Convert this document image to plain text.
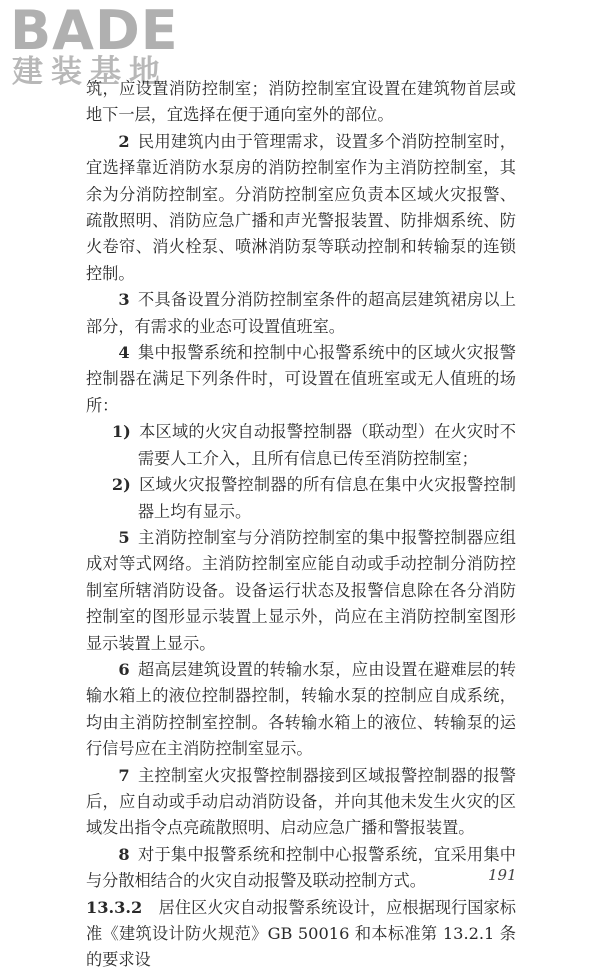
BADE
建装基地

筑，应设置消防控制室；消防控制室宜设置在建筑物首层或地下一层，宜选择在便于通向室外的部位。

2  民用建筑内由于管理需求，设置多个消防控制室时，宜选择靠近消防水泵房的消防控制室作为主消防控制室，其余为分消防控制室。分消防控制室应负责本区域火灾报警、疏散照明、消防应急广播和声光警报装置、防排烟系统、防火卷帘、消火栓泵、喷淋消防泵等联动控制和转输泵的连锁控制。

3  不具备设置分消防控制室条件的超高层建筑裙房以上部分，有需求的业态可设置值班室。

4  集中报警系统和控制中心报警系统中的区域火灾报警控制器在满足下列条件时，可设置在值班室或无人值班的场所：

1)  本区域的火灾自动报警控制器（联动型）在火灾时不需要人工介入，且所有信息已传至消防控制室；

2)  区域火灾报警控制器的所有信息在集中火灾报警控制器上均有显示。

5  主消防控制室与分消防控制室的集中报警控制器应组成对等式网络。主消防控制室应能自动或手动控制分消防控制室所辖消防设备。设备运行状态及报警信息除在各分消防控制室的图形显示装置上显示外，尚应在主消防控制室图形显示装置上显示。

6  超高层建筑设置的转输水泵，应由设置在避难层的转输水箱上的液位控制器控制，转输水泵的控制应自成系统，均由主消防控制室控制。各转输水箱上的液位、转输泵的运行信号应在主消防控制室显示。

7  主控制室火灾报警控制器接到区域报警控制器的报警后，应自动或手动启动消防设备，并向其他未发生火灾的区域发出指令点亮疏散照明、启动应急广播和警报装置。

8  对于集中报警系统和控制中心报警系统，宜采用集中与分散相结合的火灾自动报警及联动控制方式。

13.3.2  居住区火灾自动报警系统设计，应根据现行国家标准《建筑设计防火规范》GB 50016 和本标准第 13.2.1 条的要求设

191
